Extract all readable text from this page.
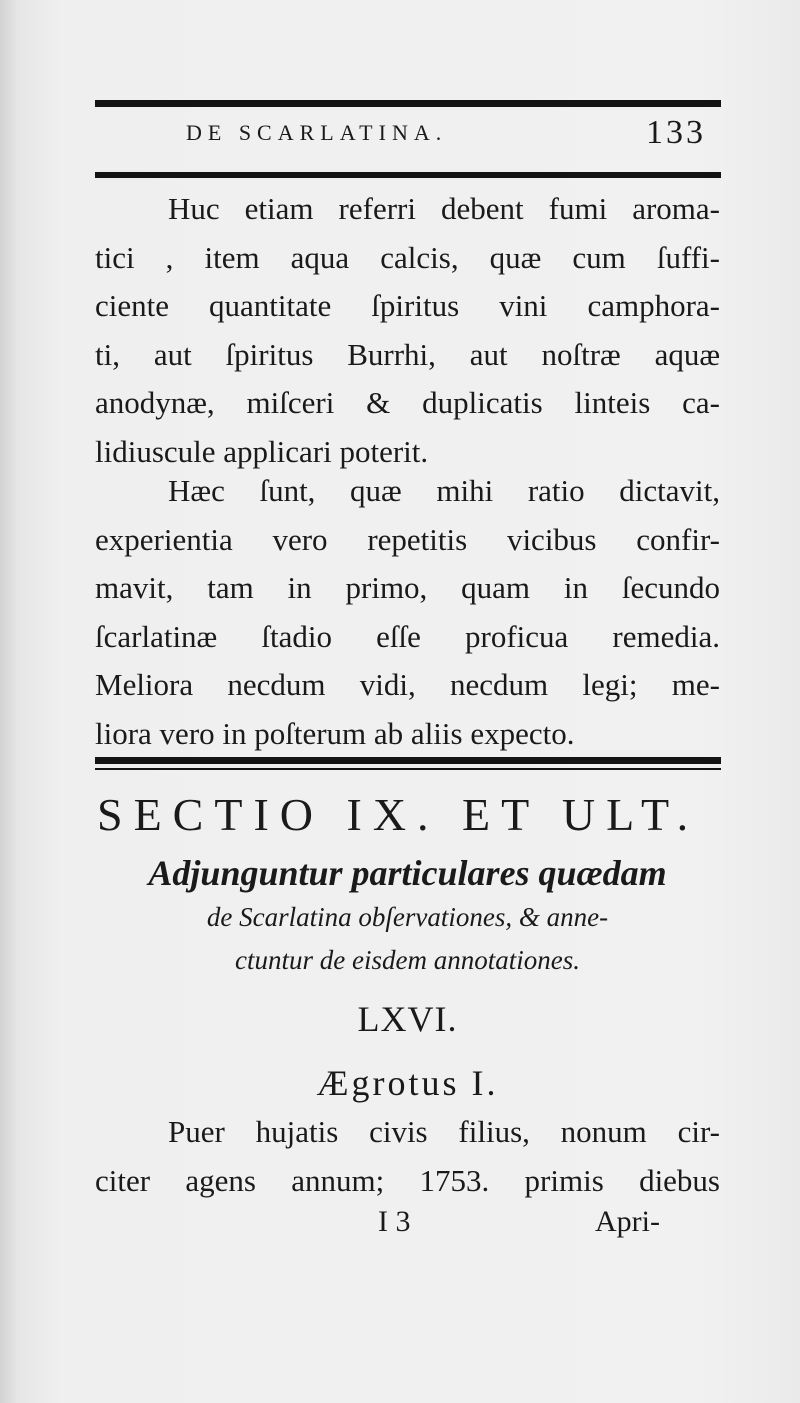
DE SCARLATINA.	133
Huc etiam referri debent fumi aroma-
tici , item aqua calcis, quæ cum ſuffi-
ciente quantitate ſpiritus vini camphora-
ti, aut ſpiritus Burrhi, aut noſtræ aquæ
anodynæ, miſceri & duplicatis linteis ca-
lidiuscule applicari poterit.
Hæc ſunt, quæ mihi ratio dictavit,
experientia vero repetitis vicibus confir-
mavit, tam in primo, quam in ſecundo
ſcarlatinæ ſtadio eſſe proficua remedia.
Meliora necdum vidi, necdum legi; me-
liora vero in poſterum ab aliis expecto.
SECTIO IX. ET ULT.
Adjunguntur particulares quædam
de Scarlatina obſervationes, & anne-
ctuntur de eisdem annotationes.
LXVI.
Ægrotus I.
Puer hujatis civis filius, nonum cir-
citer agens annum; 1753. primis diebus
I 3	Apri-
